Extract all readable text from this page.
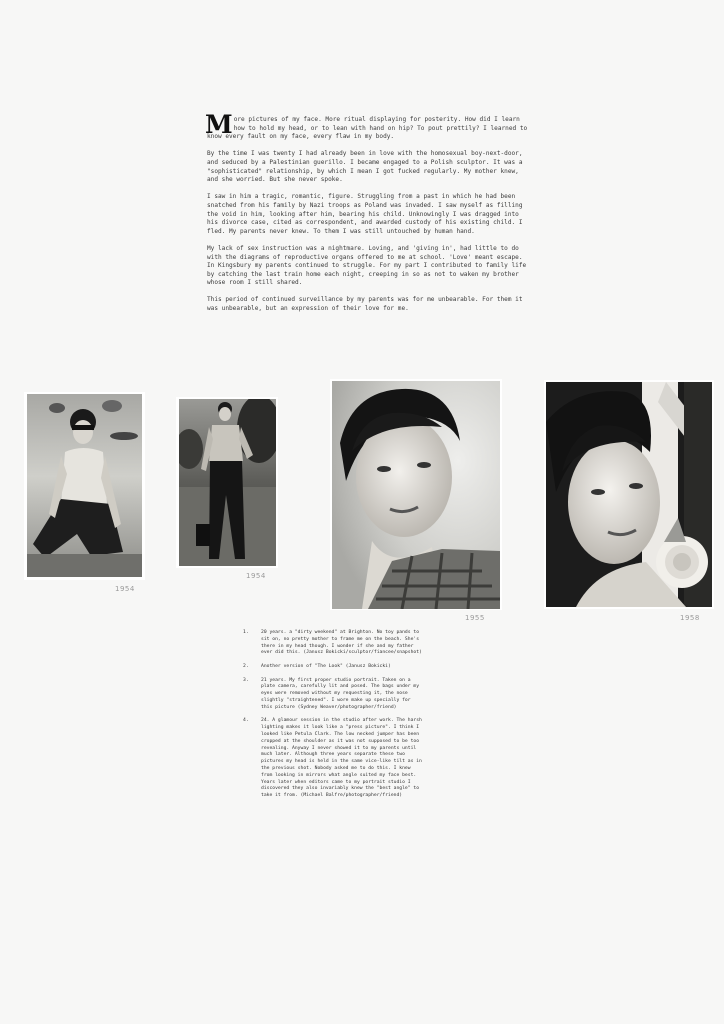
More pictures of my face. More ritual displaying for posterity. How did I learn how to hold my head, or to lean with hand on hip? To pout prettily? I learned to know every fault on my face, every flaw in my body.

By the time I was twenty I had already been in love with the homosexual boy-next-door, and seduced by a Palestinian guerillo. I became engaged to a Polish sculptor. It was a "sophisticated" relationship, by which I mean I got fucked regularly. My mother knew, and she worried. But she never spoke.

I saw in him a tragic, romantic, figure. Struggling from a past in which he had been snatched from his family by Nazi troops as Poland was invaded. I saw myself as filling the void in him, looking after him, bearing his child. Unknowingly I was dragged into his divorce case, cited as correspondent, and awarded custody of his existing child. I fled. My parents never knew. To them I was still untouched by human hand.

My lack of sex instruction was a nightmare. Loving, and 'giving in', had little to do with the diagrams of reproductive organs offered to me at school. 'Love' meant escape. In Kingsbury my parents continued to struggle. For my part I contributed to family life by catching the last train home each night, creeping in so as not to waken my brother whose room I still shared.

This period of continued surveillance by my parents was for me unbearable. For them it was unbearable, but an expression of their love for me.

1954
1954
1955	1958
1.	20 years. a "dirty weekend" at Brighton. No toy pands to sit on, no pretty mother to frame me on the beach. She's there in my head though. I wonder if she and my father ever did this. (Janusz Bokicki/sculptor/fiancee/snapshot)
2.	Another version of "The Look" (Janusz Bokicki)
3.	21 years. My first proper studio portrait. Taken on a plate camera, carefully lit and posed. The bags under my eyes were removed without my requesting it, the nose slightly "straightened". I wore make up specially for this picture (Sydney Weaver/photographer/friend)
4.	24. A glamour session in the studio after work. The harsh lighting makes it look like a "press picture". I think I looked like Petula Clark. The low necked jumper has been cropped at the shoulder as it was not supposed to be too revealing. Anyway I never showed it to my parents until much later. Although three years separate these two pictures my head is held in the same vice-like tilt as in the previous shot. Nobody asked me to do this. I knew from looking in mirrors what angle suited my face best. Years later when editors came to my portrait studio I discovered they also invariably knew the "best angle" to take it from. (Michael Balfre/photographer/friend)
